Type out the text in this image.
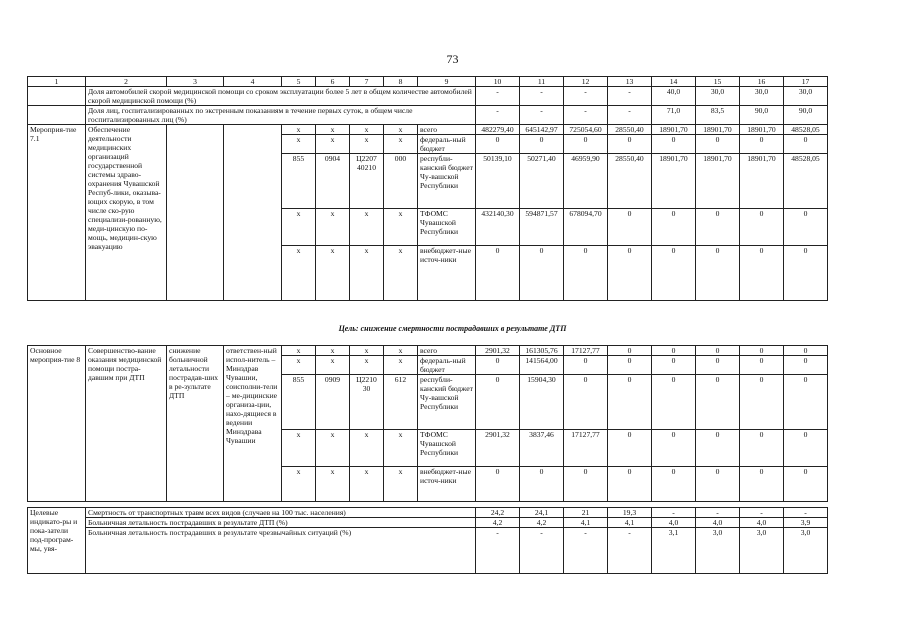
73
1	2	3	4	5	6	7	8	9	10	11	12	13	14	15	16	17
	Доля автомобилей скорой медицинской помощи со сроком эксплуатации более 5 лет в общем количестве автомобилей скорой медицинской помощи (%)								-	-	-	-	40,0	30,0	30,0	30,0
	Доля лиц, госпитализированных по экстренным показаниям в течение первых суток, в общем числе госпитализированных лиц (%)								-	-	-	-	71,0	83,5	90,0	90,0
Мероприя-тие 7.1	Обеспечение деятельности медицинских организаций государственной системы здраво-охранения Чувашской Респуб-лики, оказыва-ющих скорую, в том числе ско-рую специализи-рованную, меди-цинскую по-мощь, медицин-скую эвакуацию			x	x	x	x	всего	482279,40	645142,97	725054,60	28550,40	18901,70	18901,70	18901,70	48528,05
				x	x	x	x	федераль-ный бюджет	0	0	0	0	0	0	0	0
				855	0904	Ц2207 40210	000	республи-канский бюджет Чу-вашской Республики	50139,10	50271,40	46959,90	28550,40	18901,70	18901,70	18901,70	48528,05
				x	x	x	x	ТФОМС Чувашской Республики	432140,30	594871,57	678094,70	0	0	0	0	0
				x	x	x	x	внебюджет-ные источ-ники	0	0	0	0	0	0	0	0
Цель: снижение смертности пострадавших в результате ДТП
Основное мероприя-тие 8	Совершенство-вание оказания медицинской помощи постра-давшим при ДТП	снижение больничной летальности пострадав-ших в ре-зультате ДТП	ответствен-ный испол-нитель – Минздрав Чувашии, соисполни-тели – ме-дицинские организа-ции, нахо-дящиеся в ведении Минздрава Чувашии	x	x	x	x	всего	2901,32	161305,76	17127,77	0	0	0	0	0
				x	x	x	x	федераль-ный бюджет	0	141564,00	0	0	0	0	0	0
				855	0909	Ц2210 30	612	республи-канский бюджет Чу-вашской Республики	0	15904,30	0	0	0	0	0	0
				x	x	x	x	ТФОМС Чувашской Республики	2901,32	3837,46	17127,77	0	0	0	0	0
				x	x	x	x	внебюджет-ные источ-ники	0	0	0	0	0	0	0	0
Целевые индикато-ры и пока-затели под-програм-мы, увя-	Смертность от транспортных травм всех видов (случаев на 100 тыс. населения)	24,2	24,1	21	19,3	-	-	-	-
	Больничная летальность пострадавших в результате ДТП (%)	4,2	4,2	4,1	4,1	4,0	4,0	4,0	3,9
	Больничная летальность пострадавших в результате чрезвычайных ситуаций (%)	-	-	-	-	3,1	3,0	3,0	3,0
